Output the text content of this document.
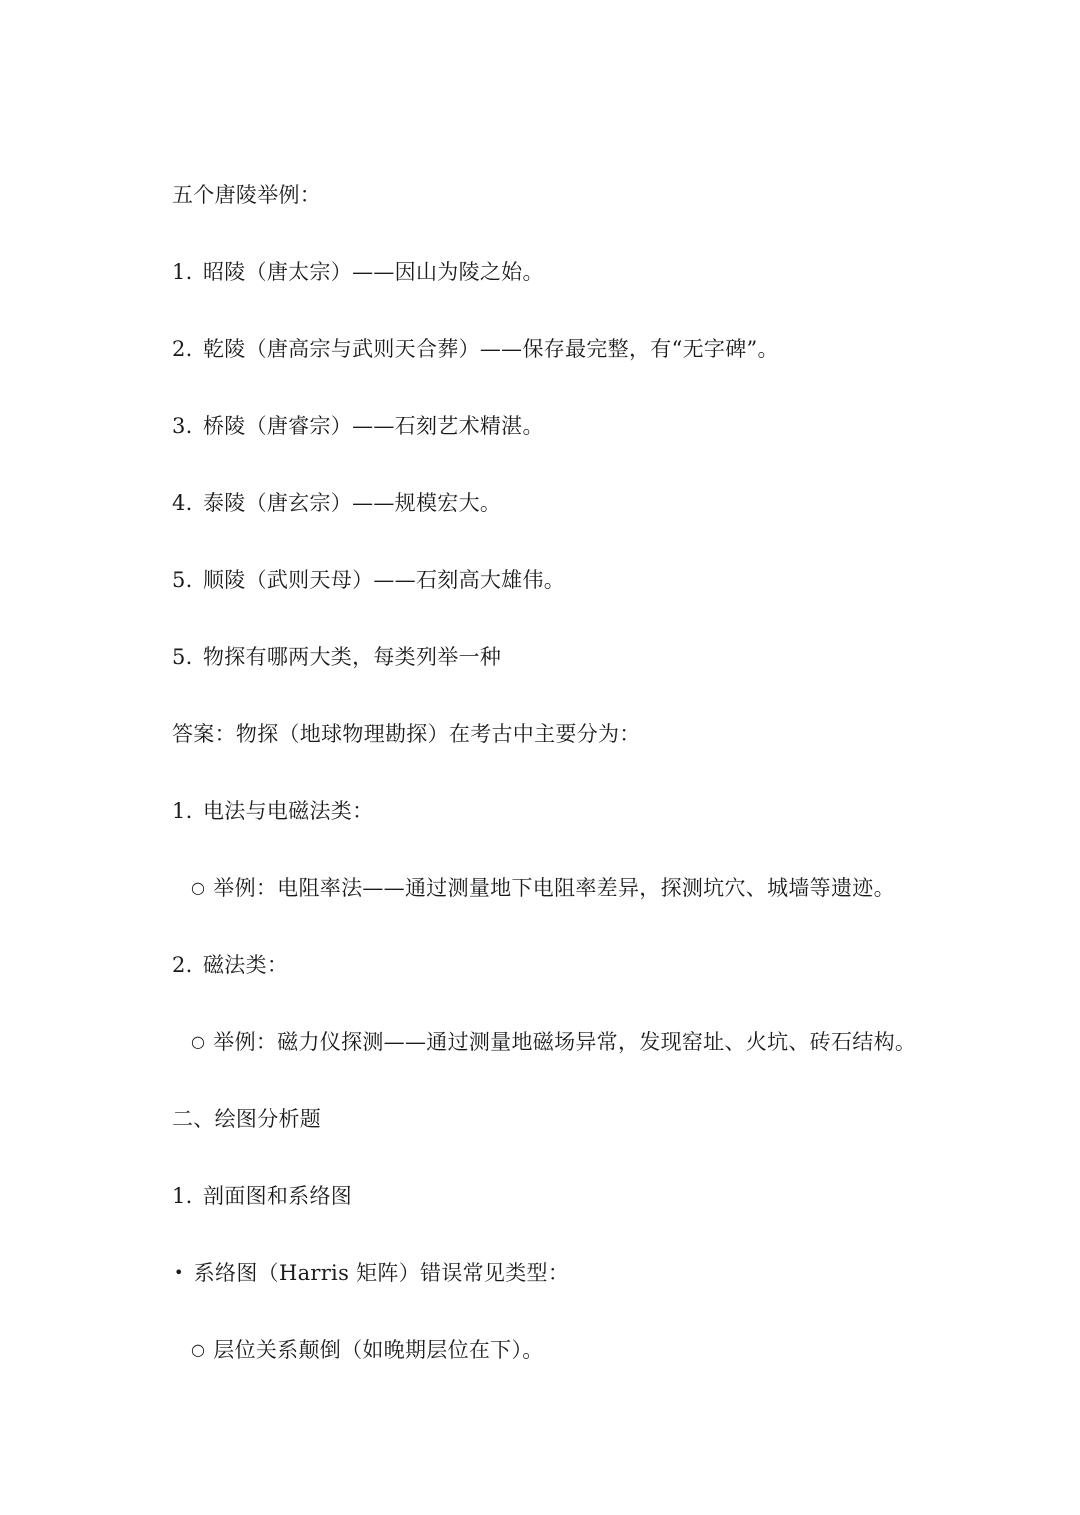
五个唐陵举例：
1. 昭陵（唐太宗）——因山为陵之始。
2. 乾陵（唐高宗与武则天合葬）——保存最完整，有“无字碑”。
3. 桥陵（唐睿宗）——石刻艺术精湛。
4. 泰陵（唐玄宗）——规模宏大。
5. 顺陵（武则天母）——石刻高大雄伟。
5. 物探有哪两大类，每类列举一种
答案：物探（地球物理勘探）在考古中主要分为：
1. 电法与电磁法类：
○ 举例：电阻率法——通过测量地下电阻率差异，探测坑穴、城墙等遗迹。
2. 磁法类：
○ 举例：磁力仪探测——通过测量地磁场异常，发现窑址、火坑、砖石结构。
二、绘图分析题
1. 剖面图和系络图
• 系络图（Harris 矩阵）错误常见类型：
○ 层位关系颠倒（如晚期层位在下）。
